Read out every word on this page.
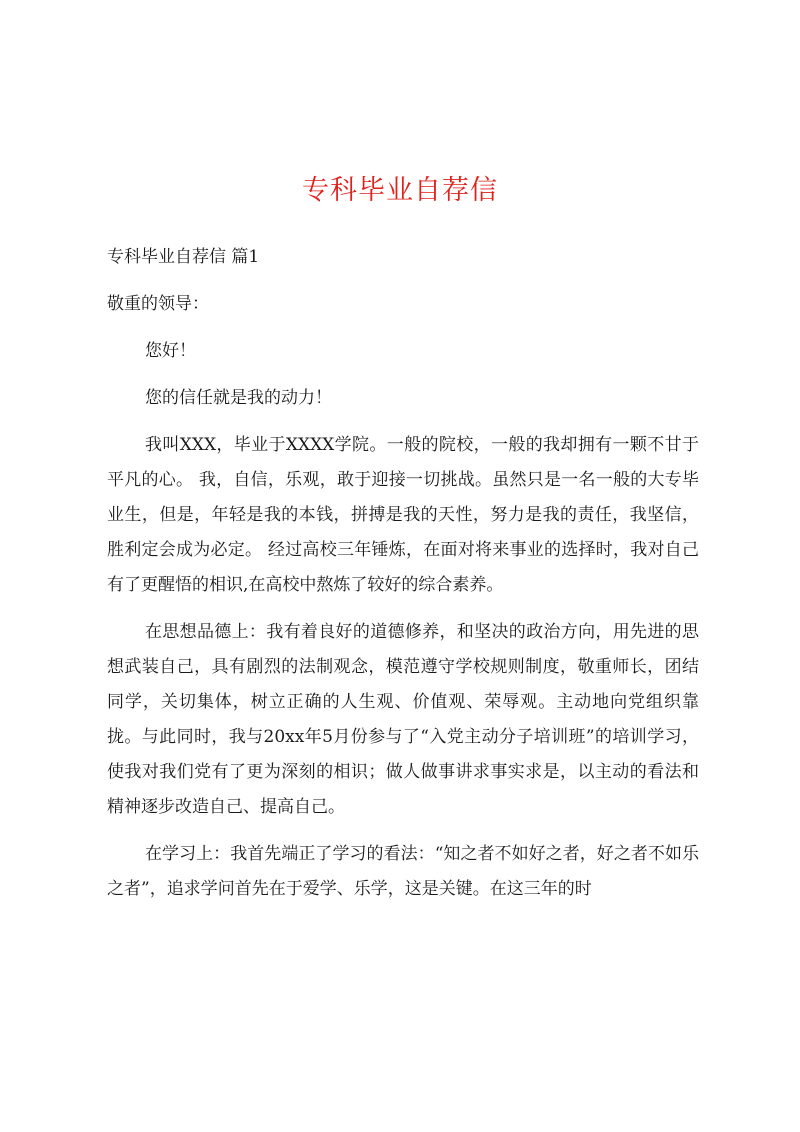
专科毕业自荐信

专科毕业自荐信 篇1

敬重的领导：

您好！

您的信任就是我的动力！

我叫XXX，毕业于XXXX学院。一般的院校，一般的我却拥有一颗不甘于平凡的心。 我，自信，乐观，敢于迎接一切挑战。虽然只是一名一般的大专毕业生，但是，年轻是我的本钱，拼搏是我的天性，努力是我的责任，我坚信，胜利定会成为必定。 经过高校三年锤炼，在面对将来事业的选择时，我对自己有了更醒悟的相识,在高校中熬炼了较好的综合素养。

在思想品德上：我有着良好的道德修养，和坚决的政治方向，用先进的思想武装自己，具有剧烈的法制观念，模范遵守学校规则制度，敬重师长，团结同学，关切集体，树立正确的人生观、价值观、荣辱观。主动地向党组织靠拢。与此同时，我与20xx年5月份参与了“入党主动分子培训班”的培训学习，使我对我们党有了更为深刻的相识；做人做事讲求事实求是，以主动的看法和精神逐步改造自己、提高自己。

在学习上：我首先端正了学习的看法：“知之者不如好之者，好之者不如乐之者”，追求学问首先在于爱学、乐学，这是关键。在这三年的时
